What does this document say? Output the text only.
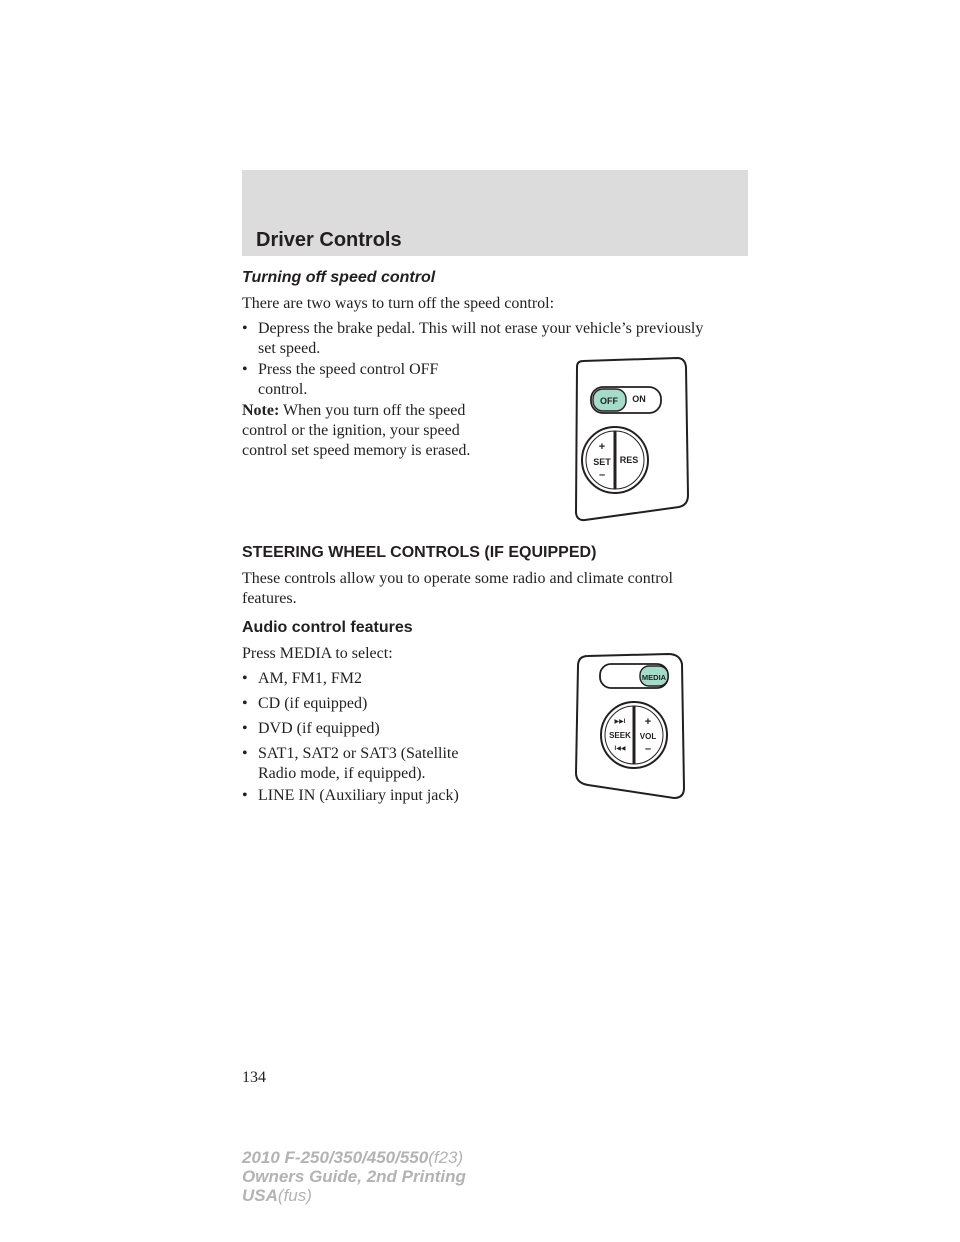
Driver Controls
Turning off speed control
There are two ways to turn off the speed control:
• Depress the brake pedal. This will not erase your vehicle’s previously
set speed.
• Press the speed control OFF
control.
Note: When you turn off the speed
control or the ignition, your speed
control set speed memory is erased.
OFF ON
+
SET
–
RES
STEERING WHEEL CONTROLS (IF EQUIPPED)
These controls allow you to operate some radio and climate control
features.
Audio control features
Press MEDIA to select:
• AM, FM1, FM2
• CD (if equipped)
• DVD (if equipped)
• SAT1, SAT2 or SAT3 (Satellite
Radio mode, if equipped).
• LINE IN (Auxiliary input jack)
MEDIA
▶▶I
SEEK
I◀◀
+
VOL
–
134
2010 F-250/350/450/550(f23)
Owners Guide, 2nd Printing
USA(fus)
